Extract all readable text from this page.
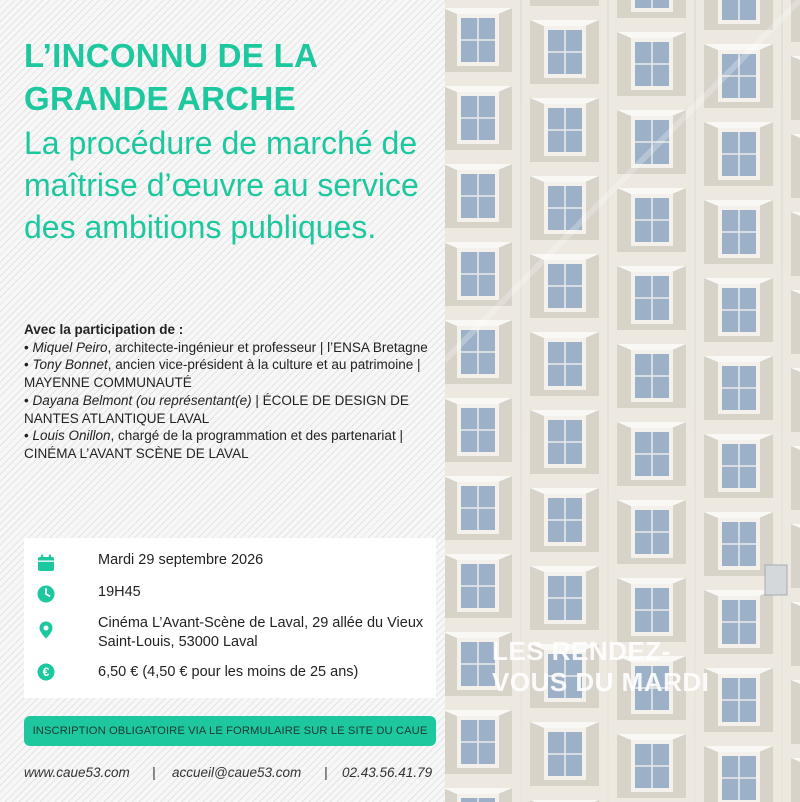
L’INCONNU DE LA GRANDE ARCHE

La procédure de marché de maîtrise d’œuvre au service des ambitions publiques.

Avec la participation de :

• Miquel Peiro, architecte-ingénieur et professeur | l’ENSA Bretagne

• Tony Bonnet, ancien vice-président à la culture et au patrimoine | MAYENNE COMMUNAUTÉ

• Dayana Belmont (ou représentant(e) | ÉCOLE DE DESIGN DE NANTES ATLANTIQUE LAVAL

• Louis Onillon, chargé de la programmation et des partenariat | CINÉMA L’AVANT SCÈNE DE LAVAL

Mardi 29 septembre 2026
19H45
Cinéma L’Avant-Scène de Laval, 29 allée du Vieux Saint-Louis, 53000 Laval
€	6,50 € (4,50 € pour les moins de 25 ans)
INSCRIPTION OBLIGATOIRE VIA LE FORMULAIRE SUR LE SITE DU CAUE
www.caue53.com | accueil@caue53.com | 02.43.56.41.79
LES RENDEZ-VOUS DU MARDI
